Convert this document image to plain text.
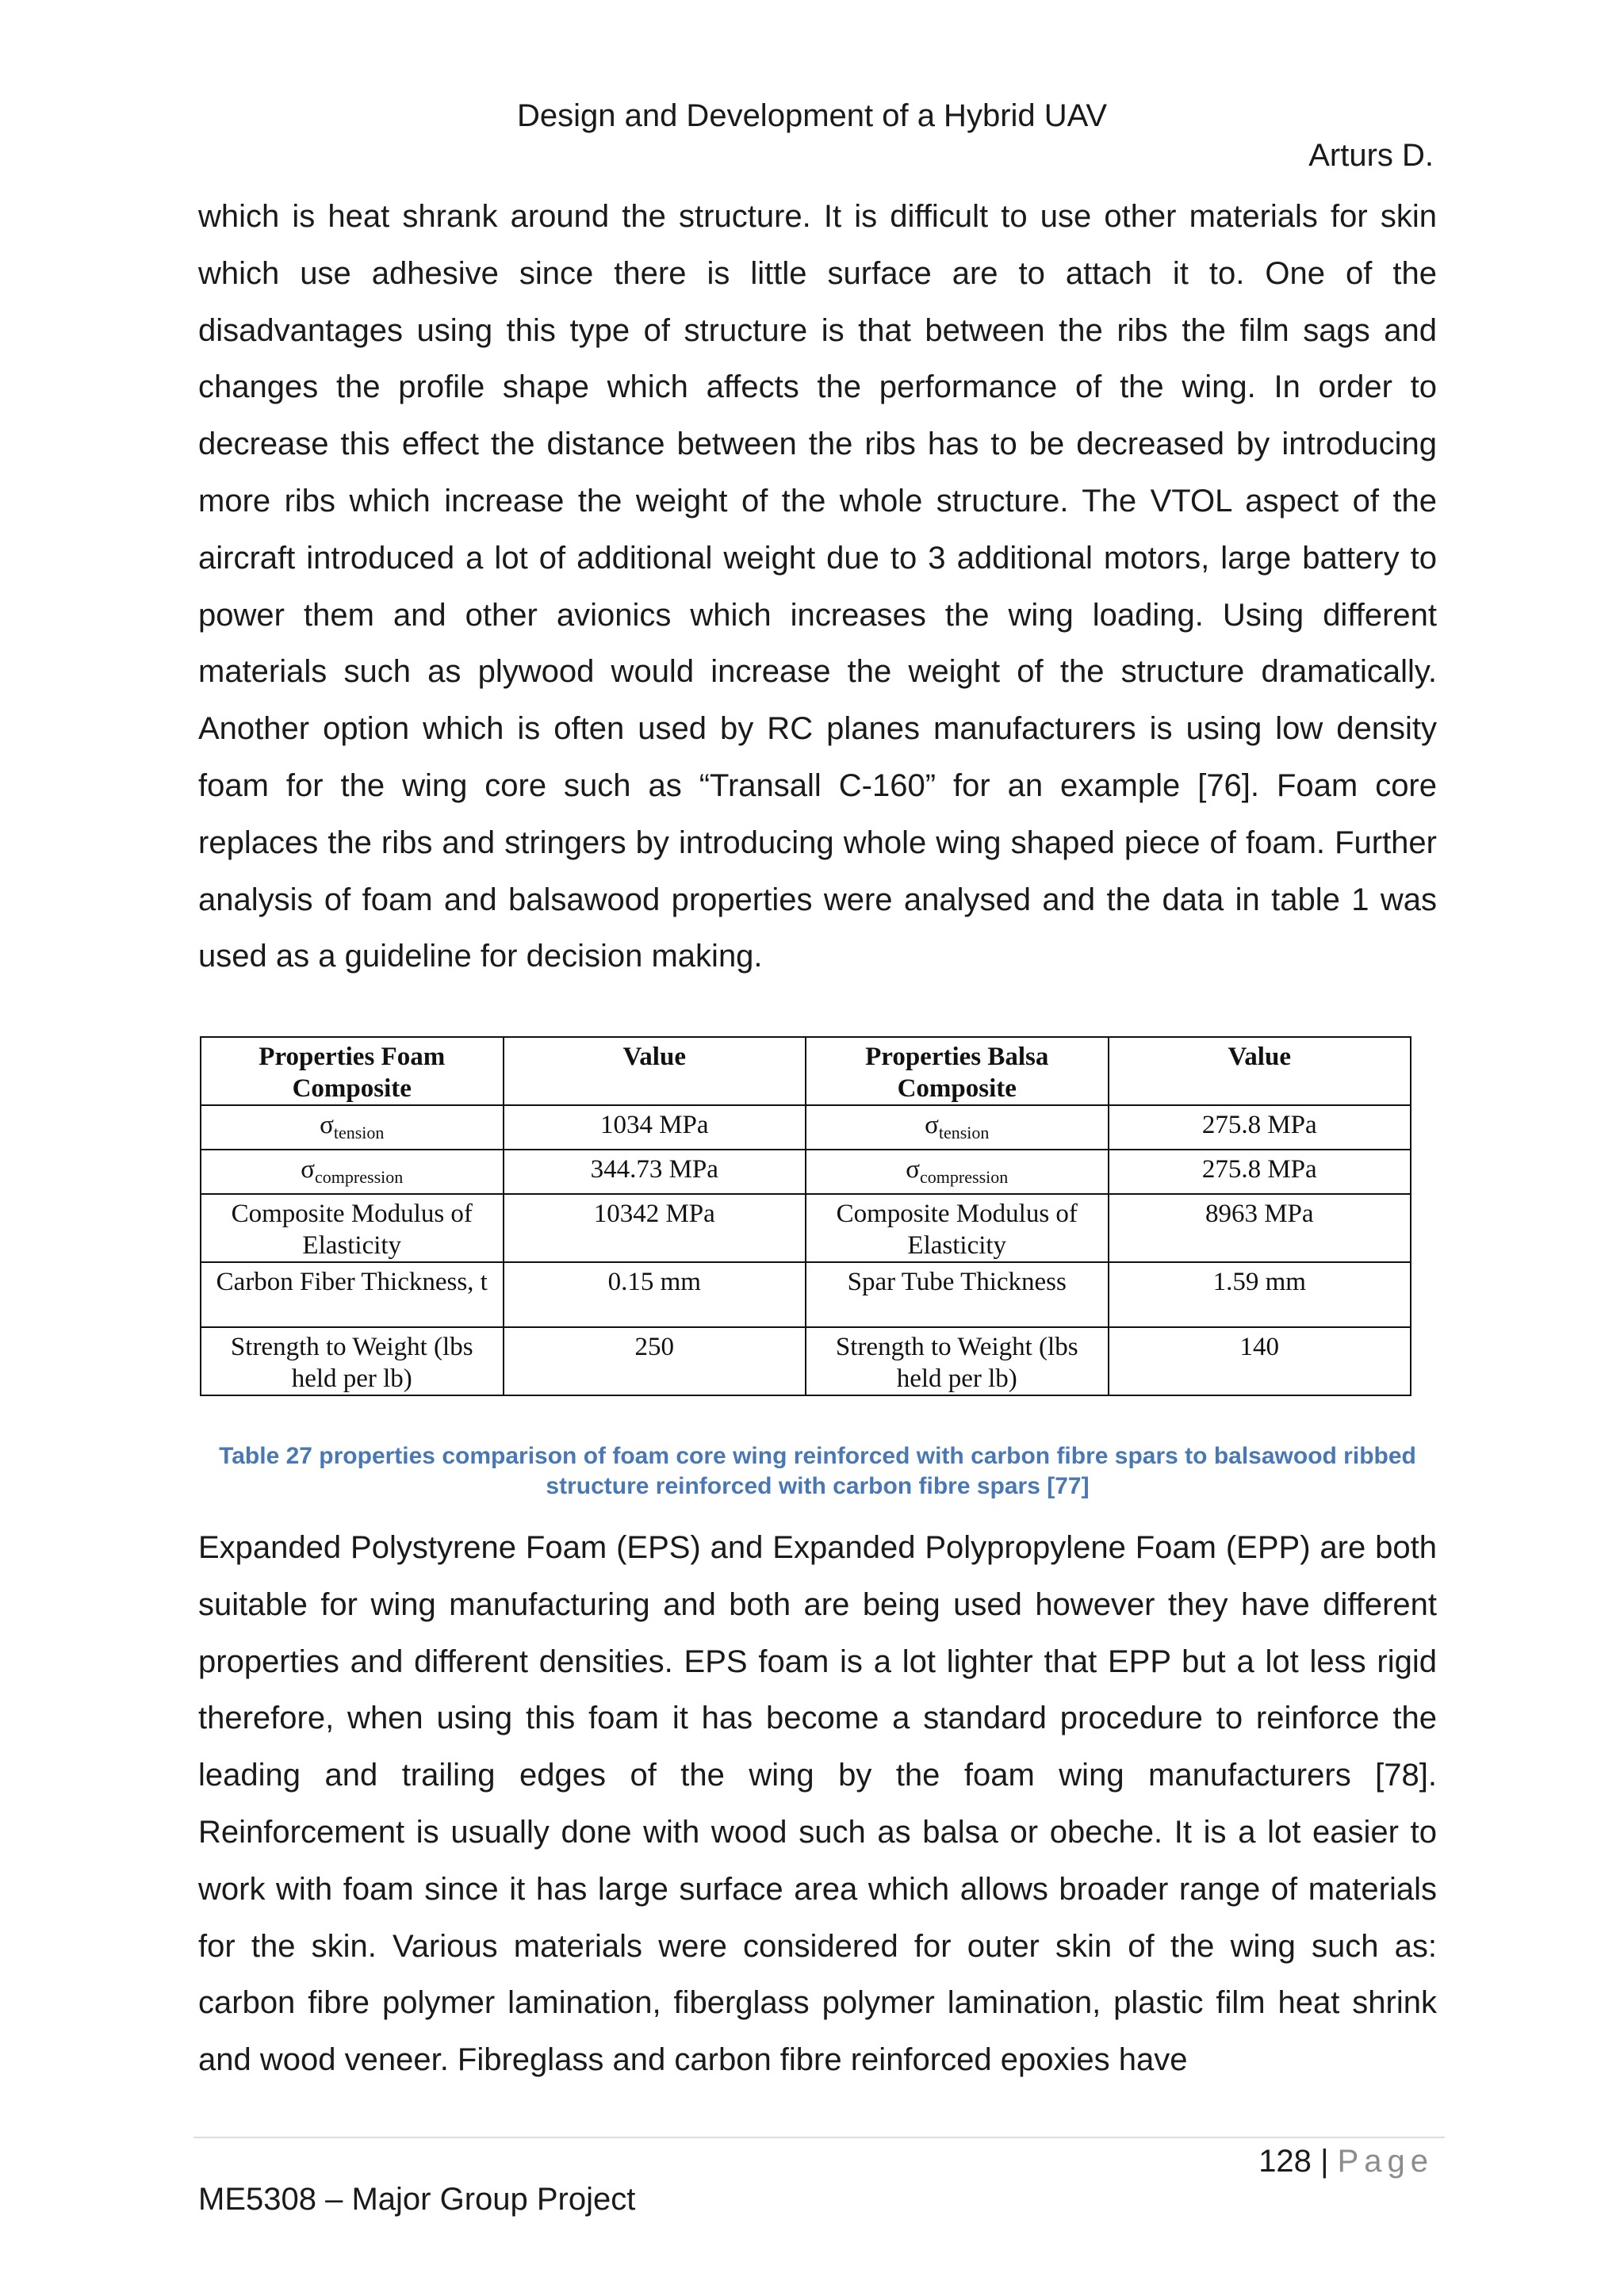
Design and Development of a Hybrid UAV
Arturs D.

which is heat shrank around the structure. It is difficult to use other materials for skin which use adhesive since there is little surface are to attach it to. One of the disadvantages using this type of structure is that between the ribs the film sags and changes the profile shape which affects the performance of the wing. In order to decrease this effect the distance between the ribs has to be decreased by introducing more ribs which increase the weight of the whole structure. The VTOL aspect of the aircraft introduced a lot of additional weight due to 3 additional motors, large battery to power them and other avionics which increases the wing loading. Using different materials such as plywood would increase the weight of the structure dramatically. Another option which is often used by RC planes manufacturers is using low density foam for the wing core such as “Transall C-160” for an example [76]. Foam core replaces the ribs and stringers by introducing whole wing shaped piece of foam. Further analysis of foam and balsawood properties were analysed and the data in table 1 was used as a guideline for decision making.

Properties Foam Composite	Value	Properties Balsa Composite	Value
$\sigma_{tension}$	1034 MPa	$\sigma_{tension}$	275.8 MPa
$\sigma_{compression}$	344.73 MPa	$\sigma_{compression}$	275.8 MPa
Composite Modulus of Elasticity	10342 MPa	Composite Modulus of Elasticity	8963 MPa
Carbon Fiber Thickness, t	0.15 mm	Spar Tube Thickness	1.59 mm
Strength to Weight (lbs held per lb)	250	Strength to Weight (lbs held per lb)	140
Table 27 properties comparison of foam core wing reinforced with carbon fibre spars to balsawood ribbed structure reinforced with carbon fibre spars [77]

Expanded Polystyrene Foam (EPS) and Expanded Polypropylene Foam (EPP) are both suitable for wing manufacturing and both are being used however they have different properties and different densities. EPS foam is a lot lighter that EPP but a lot less rigid therefore, when using this foam it has become a standard procedure to reinforce the leading and trailing edges of the wing by the foam wing manufacturers [78]. Reinforcement is usually done with wood such as balsa or obeche. It is a lot easier to work with foam since it has large surface area which allows broader range of materials for the skin. Various materials were considered for outer skin of the wing such as: carbon fibre polymer lamination, fiberglass polymer lamination, plastic film heat shrink and wood veneer. Fibreglass and carbon fibre reinforced epoxies have

128 | Page
ME5308 – Major Group Project
